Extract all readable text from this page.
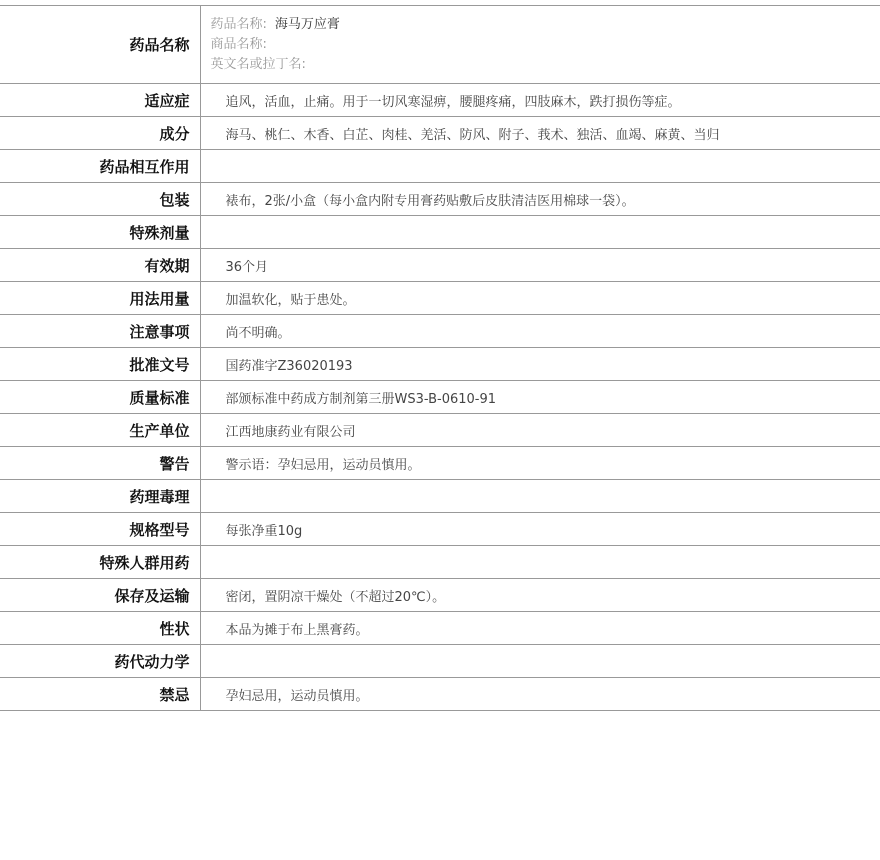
药品名称	药品名称: 海马万应膏
商品名称:
英文名或拉丁名:

适应症	追风，活血，止痛。用于一切风寒湿痹，腰腿疼痛，四肢麻木，跌打损伤等症。
成分	海马、桃仁、木香、白芷、肉桂、羌活、防风、附子、莪术、独活、血竭、麻黄、当归
药品相互作用	
包装	裱布，2张/小盒（每小盒内附专用膏药贴敷后皮肤清洁医用棉球一袋）。
特殊剂量	
有效期	36个月
用法用量	加温软化，贴于患处。
注意事项	尚不明确。
批准文号	国药准字Z36020193
质量标准	部颁标准中药成方制剂第三册WS3-B-0610-91
生产单位	江西地康药业有限公司
警告	警示语：孕妇忌用，运动员慎用。
药理毒理	
规格型号	每张净重10g
特殊人群用药	
保存及运输	密闭，置阴凉干燥处（不超过20℃）。
性状	本品为摊于布上黑膏药。
药代动力学	
禁忌	孕妇忌用，运动员慎用。
